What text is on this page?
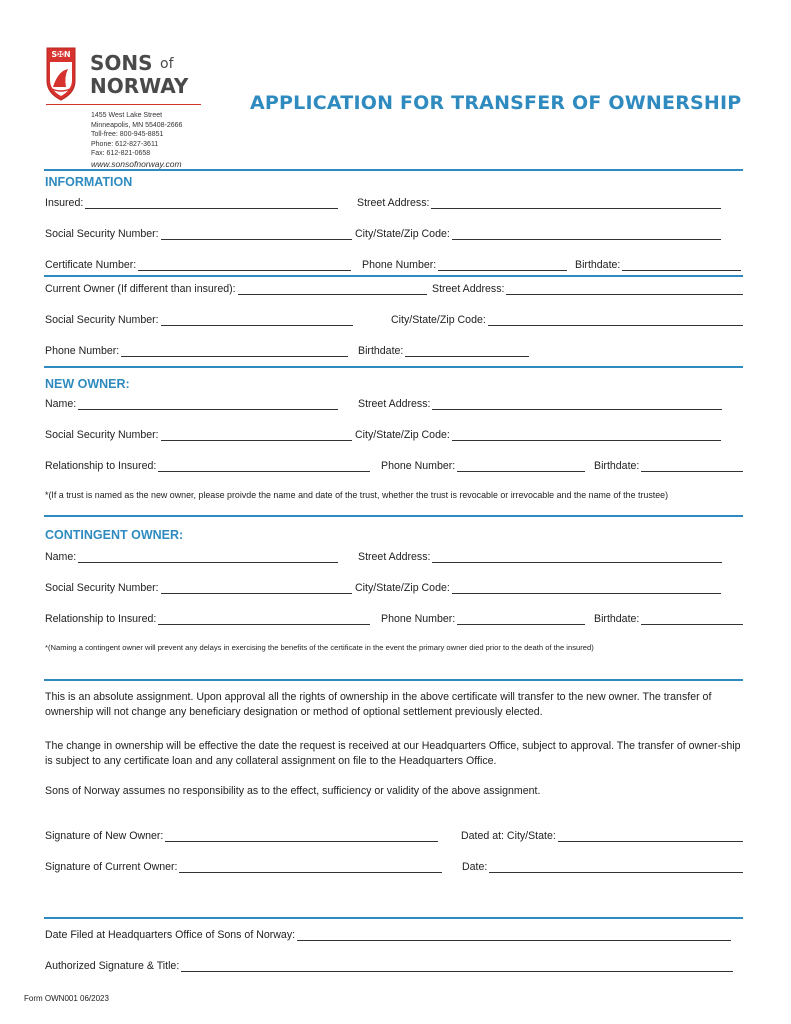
S✠N SONS of
NORWAY
1455 West Lake Street
Minneapolis, MN 55408-2666
Toll-free: 800-945-8851
Phone: 612-827-3611
Fax: 612-821-0658
www.sonsofnorway.com
APPLICATION FOR TRANSFER OF OWNERSHIP
INFORMATION
Insured:	Street Address:
Social Security Number:	City/State/Zip Code:
Certificate Number:	Phone Number:	Birthdate:
Current Owner (If different than insured):	Street Address:
Social Security Number:	City/State/Zip Code:
Phone Number:	Birthdate:
NEW OWNER:
Name:	Street Address:
Social Security Number:	City/State/Zip Code:
Relationship to Insured:	Phone Number:	Birthdate:
*(If a trust is named as the new owner, please proivde the name and date of the trust, whether the trust is revocable or irrevocable and the name of the trustee)
CONTINGENT OWNER:
Name:	Street Address:
Social Security Number:	City/State/Zip Code:
Relationship to Insured:	Phone Number:	Birthdate:
*(Naming a contingent owner will prevent any delays in exercising the benefits of the certificate in the event the primary owner died prior to the death of the insured)
This is an absolute assignment. Upon approval all the rights of ownership in the above certificate will transfer to the new owner. The transfer of ownership will not change any beneficiary designation or method of optional settlement previously elected.
The change in ownership will be effective the date the request is received at our Headquarters Office, subject to approval. The transfer of owner-ship is subject to any certificate loan and any collateral assignment on file to the Headquarters Office.
Sons of Norway assumes no responsibility as to the effect, sufficiency or validity of the above assignment.
Signature of New Owner:	Dated at: City/State:
Signature of Current Owner:	Date:
Date Filed at Headquarters Office of Sons of Norway:
Authorized Signature & Title:
Form OWN001 06/2023
